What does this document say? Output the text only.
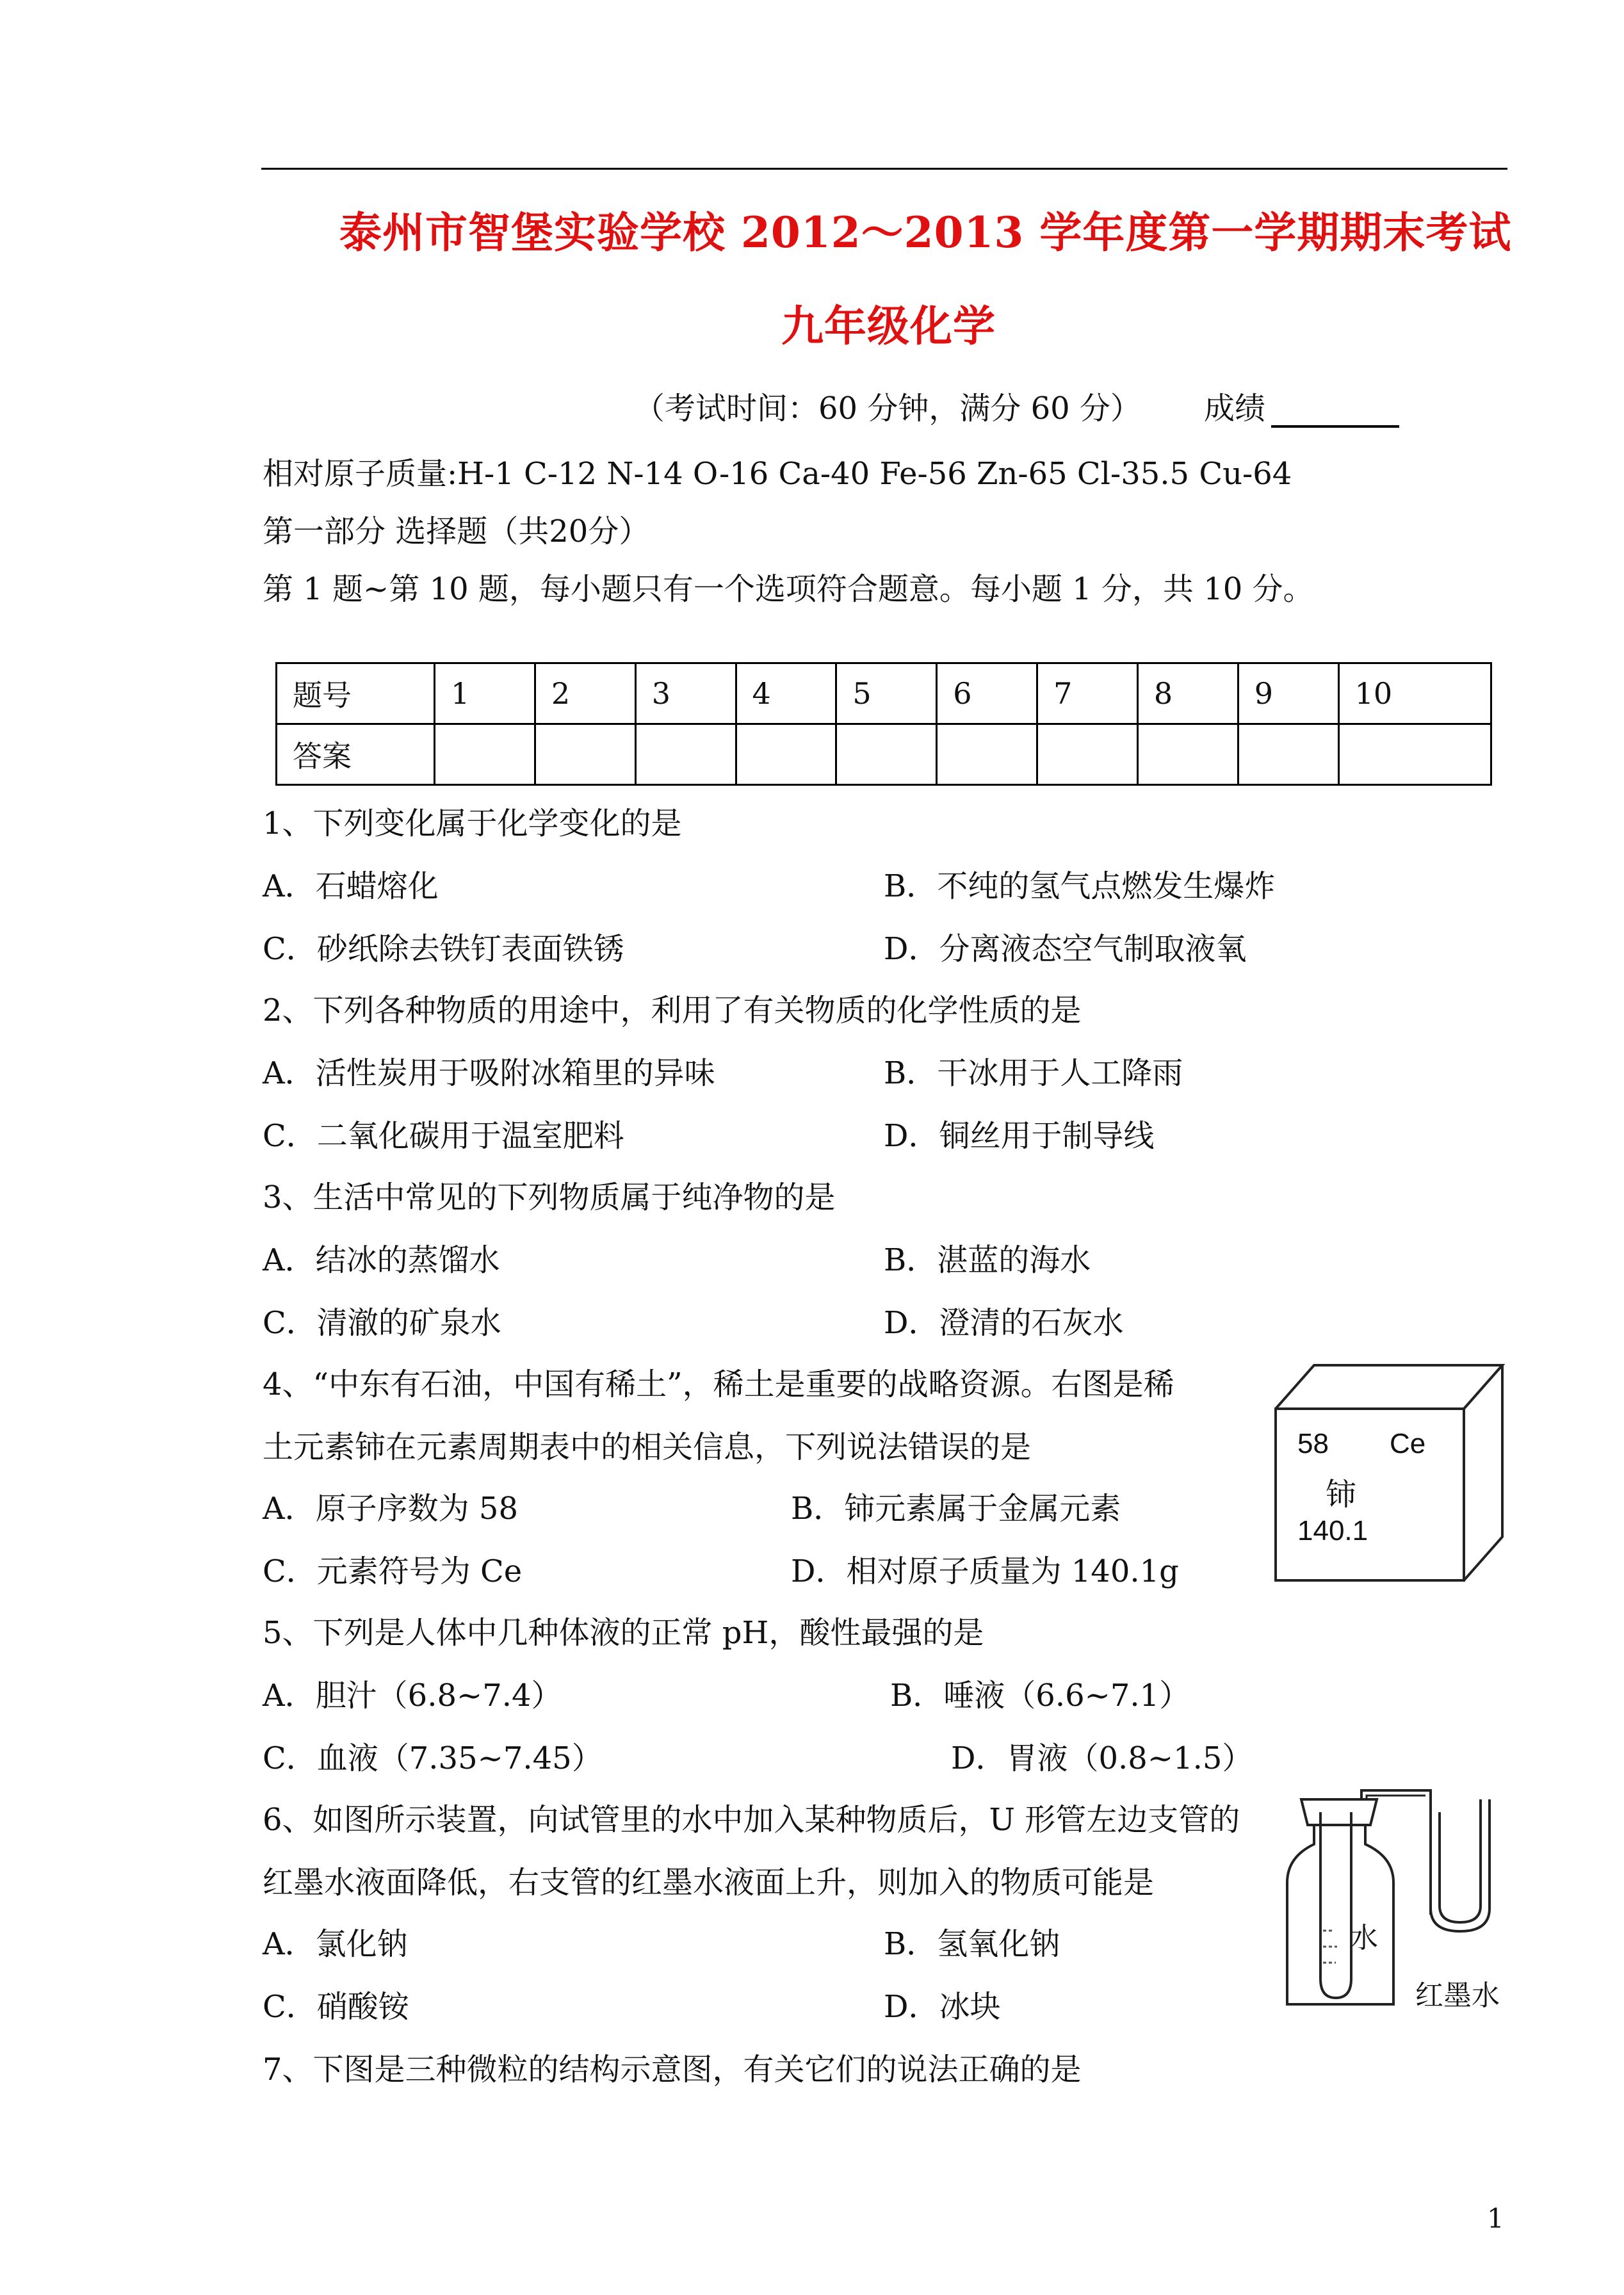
泰州市智堡实验学校 2012～2013 学年度第一学期期末考试
九年级化学
（考试时间：60 分钟，满分 60 分） 成绩
相对原子质量:H-1 C-12 N-14 O-16 Ca-40 Fe-56 Zn-65 Cl-35.5 Cu-64
第一部分 选择题（共20分）
第 1 题~第 10 题，每小题只有一个选项符合题意。每小题 1 分，共 10 分。
题号	1	2	3	4	5	6	7	8	9	10
答案										
1、下列变化属于化学变化的是
A．石蜡熔化	B．不纯的氢气点燃发生爆炸
C．砂纸除去铁钉表面铁锈	D．分离液态空气制取液氧
2、下列各种物质的用途中，利用了有关物质的化学性质的是
A．活性炭用于吸附冰箱里的异味	B．干冰用于人工降雨
C．二氧化碳用于温室肥料	D．铜丝用于制导线
3、生活中常见的下列物质属于纯净物的是
A．结冰的蒸馏水	B．湛蓝的海水
C．清澈的矿泉水	D．澄清的石灰水
4、“中东有石油，中国有稀土”，稀土是重要的战略资源。右图是稀
土元素铈在元素周期表中的相关信息，下列说法错误的是
A．原子序数为 58	B．铈元素属于金属元素
C．元素符号为 Ce	D．相对原子质量为 140.1g
58 Ce
铈
140.1
5、下列是人体中几种体液的正常 pH，酸性最强的是
A．胆汁（6.8~7.4）	B．唾液（6.6~7.1）
C．血液（7.35~7.45）	D．胃液（0.8~1.5）
6、如图所示装置，向试管里的水中加入某种物质后，U 形管左边支管的
红墨水液面降低，右支管的红墨水液面上升，则加入的物质可能是
A．氯化钠	B．氢氧化钠
C．硝酸铵	D．冰块
水
红墨水
7、下图是三种微粒的结构示意图，有关它们的说法正确的是
1
